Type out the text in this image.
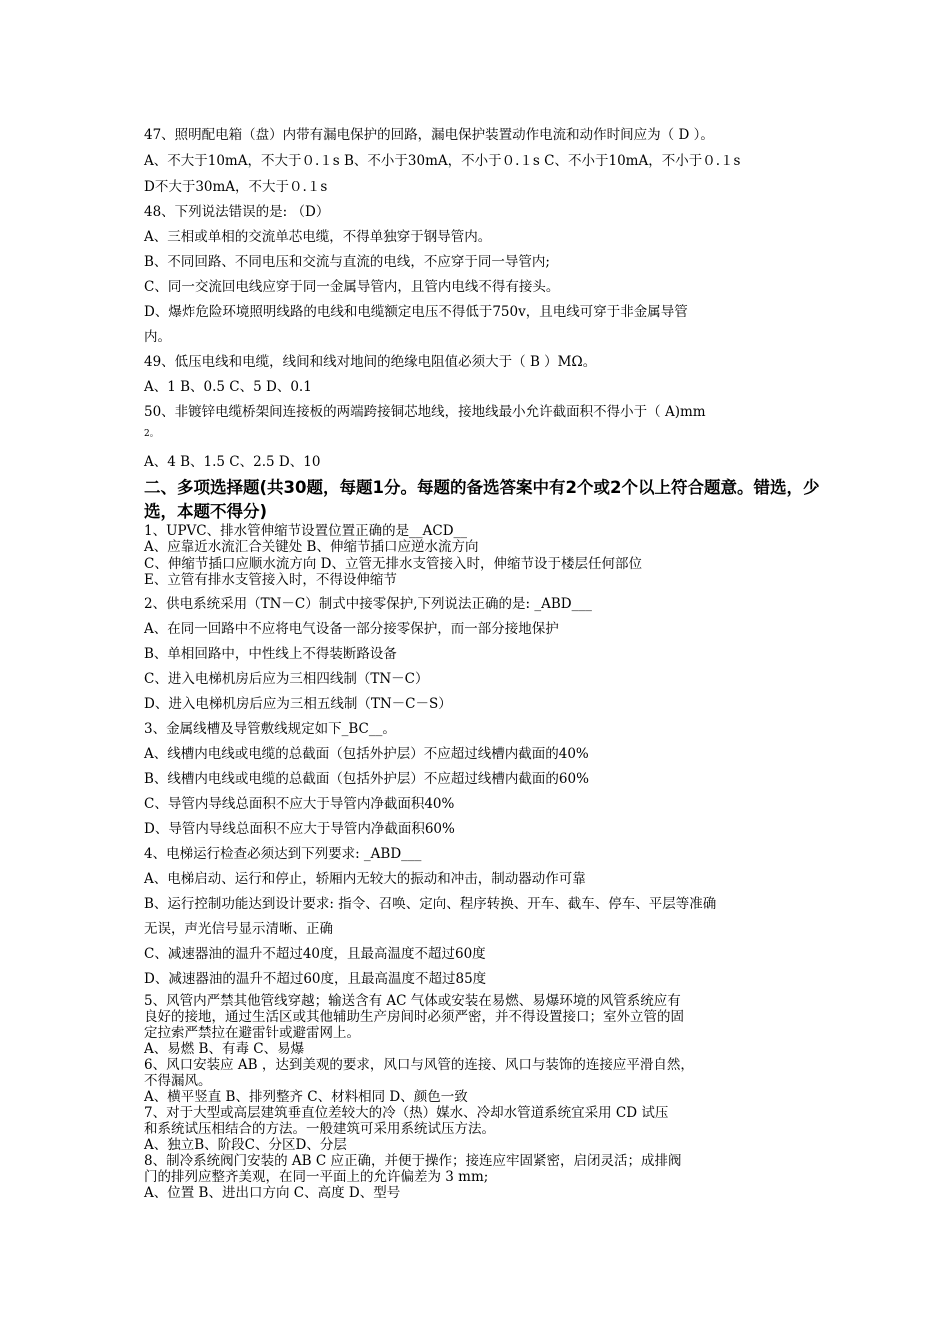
47、照明配电箱（盘）内带有漏电保护的回路，漏电保护装置动作电流和动作时间应为（ D ）。
A、不大于10mA，不大于０.１s B、不小于30mA，不小于０.１s C、不小于10mA，不小于０.１s
D不大于30mA，不大于０.１s
48、下列说法错误的是: （D）
A、三相或单相的交流单芯电缆，不得单独穿于钢导管内。
B、不同回路、不同电压和交流与直流的电线，不应穿于同一导管内;
C、同一交流回电线应穿于同一金属导管内，且管内电线不得有接头。
D、爆炸危险环境照明线路的电线和电缆额定电压不得低于750v，且电线可穿于非金属导管
内。
49、低压电线和电缆，线间和线对地间的绝缘电阻值必须大于（ B ）MΩ。
A、1 B、0.5 C、5 D、0.1
50、非镀锌电缆桥架间连接板的两端跨接铜芯地线，接地线最小允许截面积不得小于（ A)mm
2。
A、4 B、1.5 C、2.5 D、10
二、多项选择题(共30题，每题1分。每题的备选答案中有2个或2个以上符合题意。错选，少选，本题不得分)
1、UPVC、排水管伸缩节设置位置正确的是__ACD__
A、应靠近水流汇合关键处 B、伸缩节插口应逆水流方向
C、伸缩节插口应顺水流方向 D、立管无排水支管接入时，伸缩节设于楼层任何部位
E、立管有排水支管接入时，不得设伸缩节
2、供电系统采用（TN－C）制式中接零保护,下列说法正确的是: _ABD___
A、在同一回路中不应将电气设备一部分接零保护，而一部分接地保护
B、单相回路中，中性线上不得装断路设备
C、进入电梯机房后应为三相四线制（TN－C）
D、进入电梯机房后应为三相五线制（TN－C－S）
3、金属线槽及导管敷线规定如下_BC__。
A、线槽内电线或电缆的总截面（包括外护层）不应超过线槽内截面的40%
B、线槽内电线或电缆的总截面（包括外护层）不应超过线槽内截面的60%
C、导管内导线总面积不应大于导管内净截面积40%
D、导管内导线总面积不应大于导管内净截面积60%
4、电梯运行检查必须达到下列要求: _ABD___
A、电梯启动、运行和停止，轿厢内无较大的振动和冲击，制动器动作可靠
B、运行控制功能达到设计要求: 指令、召唤、定向、程序转换、开车、截车、停车、平层等准确
无误，声光信号显示清晰、正确
C、减速器油的温升不超过40度，且最高温度不超过60度
D、减速器油的温升不超过60度，且最高温度不超过85度
5、风管内严禁其他管线穿越；输送含有 AC 气体或安装在易燃、易爆环境的风管系统应有
良好的接地，通过生活区或其他辅助生产房间时必须严密，并不得设置接口；室外立管的固
定拉索严禁拉在避雷针或避雷网上。
A、易燃 B、有毒 C、易爆
6、风口安装应 AB ，达到美观的要求，风口与风管的连接、风口与装饰的连接应平滑自然，
不得漏风。
A、横平竖直 B、排列整齐 C、材料相同 D、颜色一致
7、对于大型或高层建筑垂直位差较大的冷（热）媒水、冷却水管道系统宜采用 CD 试压
和系统试压相结合的方法。一般建筑可采用系统试压方法。
A、独立B、阶段C、分区D、分层
8、制冷系统阀门安装的 AB C 应正确，并便于操作；接连应牢固紧密，启闭灵活；成排阀
门的排列应整齐美观，在同一平面上的允许偏差为 3 mm;
A、位置 B、进出口方向 C、高度 D、型号
